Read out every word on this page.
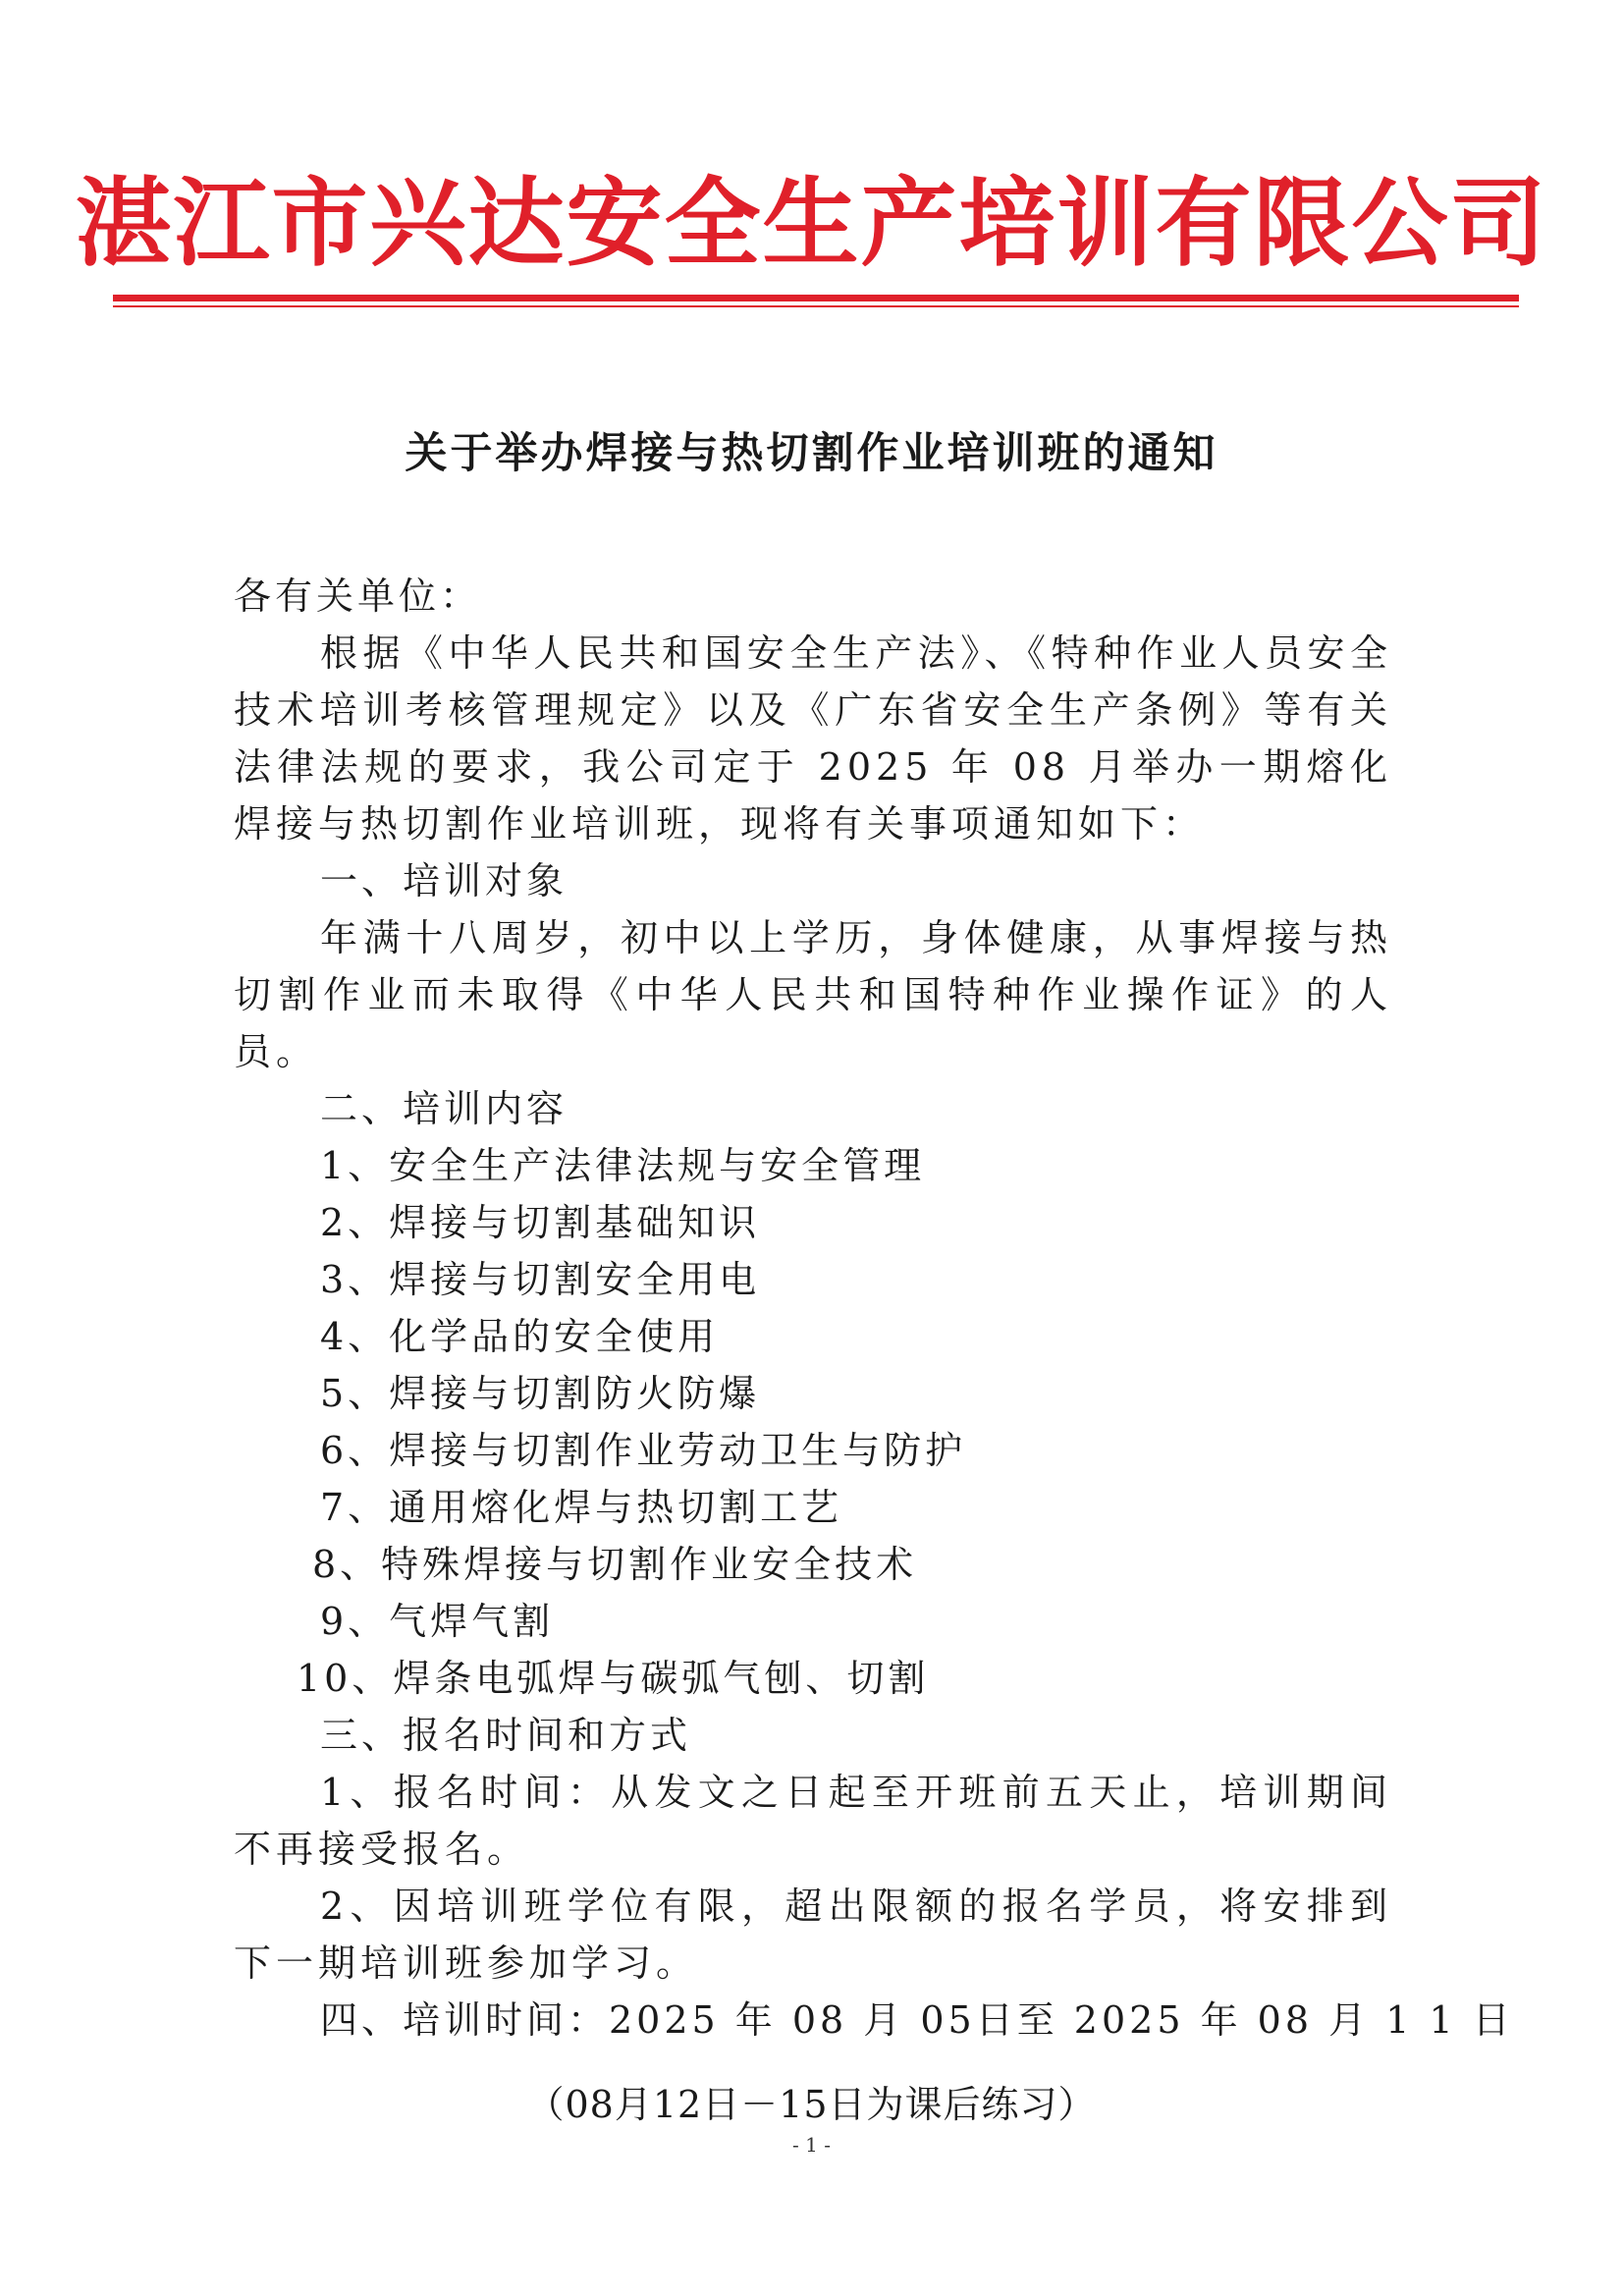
湛江市兴达安全生产培训有限公司
关于举办焊接与热切割作业培训班的通知

各有关单位：

根据《中华人民共和国安全生产法》、《特种作业人员安全技术培训考核管理规定》以及《广东省安全生产条例》等有关法律法规的要求，我公司定于 2025 年 08 月举办一期熔化焊接与热切割作业培训班，现将有关事项通知如下：

一、培训对象

年满十八周岁，初中以上学历，身体健康，从事焊接与热切割作业而未取得《中华人民共和国特种作业操作证》的人员。

二、培训内容

1、安全生产法律法规与安全管理

2、焊接与切割基础知识

3、焊接与切割安全用电

4、化学品的安全使用

5、焊接与切割防火防爆

6、焊接与切割作业劳动卫生与防护

7、通用熔化焊与热切割工艺

8、特殊焊接与切割作业安全技术

9、气焊气割

10、焊条电弧焊与碳弧气刨、切割

三、报名时间和方式

1、报名时间：从发文之日起至开班前五天止，培训期间不再接受报名。

2、因培训班学位有限，超出限额的报名学员，将安排到下一期培训班参加学习。

四、培训时间：2025 年 08 月 05日至 2025 年 08 月 1 1 日

（08月12日－15日为课后练习）
- 1 -
